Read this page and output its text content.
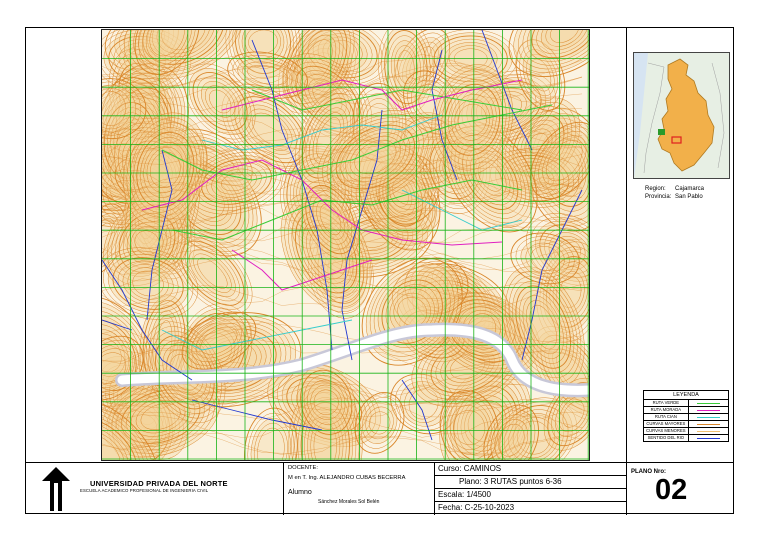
Region: Cajamarca
Provincia: San Pablo
LEYENDA
RUTA VERDE
RUTA MORADA
RUTA CIAN
CURVAS MAYORES
CURVAS MENORES
SENTIDO DEL RIO
UNIVERSIDAD PRIVADA DEL NORTE
ESCUELA ACADEMICO PROFESIONAL DE INGENIERIA CIVIL
DOCENTE:
M en T. Ing. ALEJANDRO CUBAS BECERRA
Alumno
Sánchez Morales Sol Belén
Curso: CAMINOS
Plano: 3 RUTAS puntos 6-36
Escala: 1/4500
Fecha: C-25-10-2023
PLANO Nro:
02
